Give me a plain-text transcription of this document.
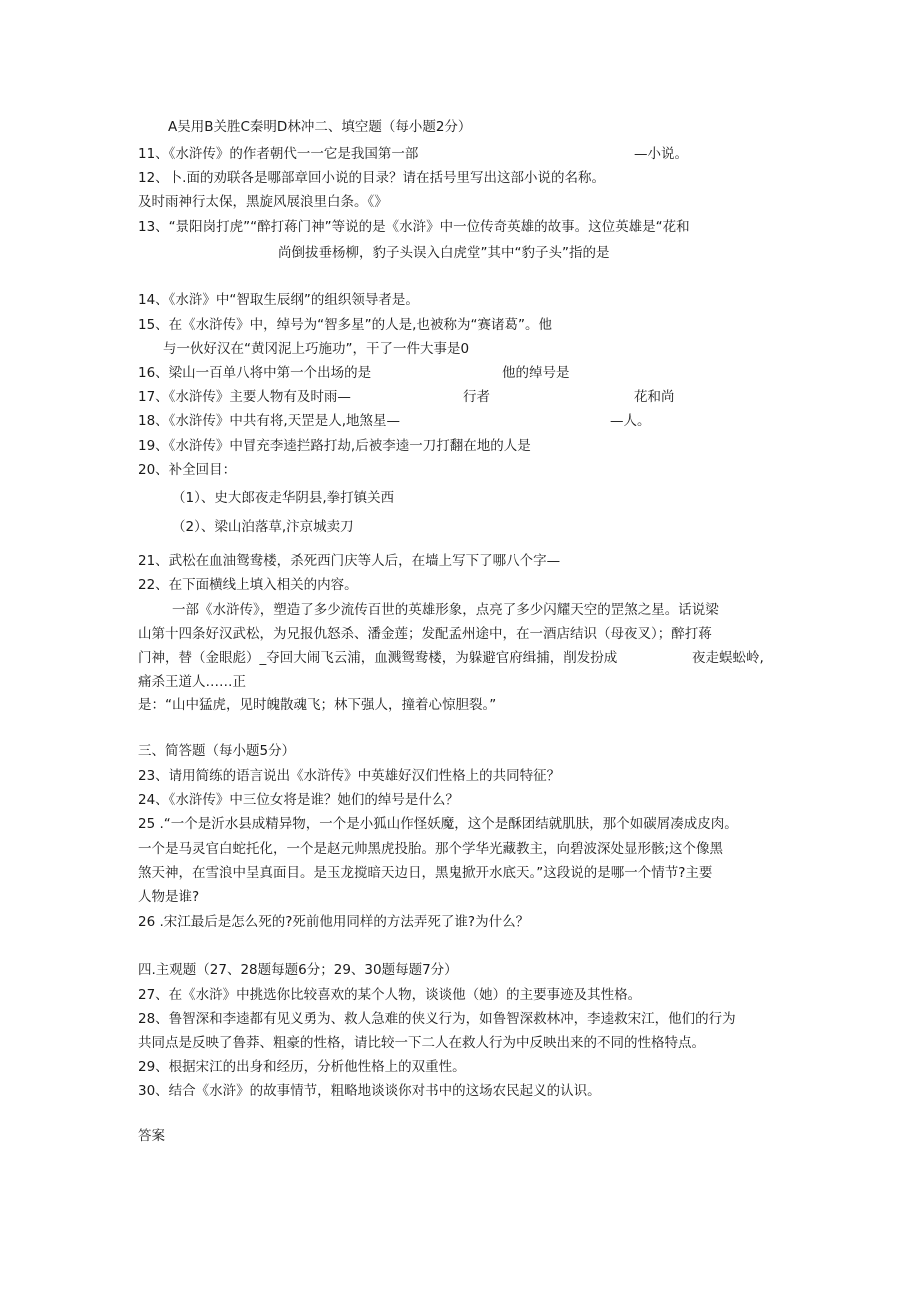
A吴用B关胜C秦明D林冲二、填空题（每小题2分）
11、《水浒传》的作者朝代一一它是我国第一部	—小说。
12、卜.面的劝联各是哪部章回小说的目录？请在括号里写出这部小说的名称。
及时雨神行太保，黑旋风展浪里白条。《》
13、“景阳岗打虎”“醉打蒋门神”等说的是《水浒》中一位传奇英雄的故事。这位英雄是“花和
尚倒拔垂杨柳，豹子头误入白虎堂”其中“豹子头”指的是
14、《水浒》中“智取生辰纲”的组织领导者是。
15、在《水浒传》中，绰号为“智多星”的人是,也被称为“赛诸葛”。他
与一伙好汉在“黄冈泥上巧施功”，干了一件大事是0
16、梁山一百单八将中第一个出场的是	他的绰号是
17、《水浒传》主要人物有及时雨—	行者	花和尚
18、《水浒传》中共有将,天罡是人,地煞星—	—人。
19、《水浒传》中冒充李逵拦路打劫,后被李逵一刀打翻在地的人是
20、补全回目：
（1）、史大郎夜走华阴县,拳打镇关西
（2）、梁山泊落草,汴京城卖刀
21、武松在血油鸳鸯楼，杀死西门庆等人后，在墙上写下了哪八个字—
22、在下面横线上填入相关的内容。
一部《水浒传》，塑造了多少流传百世的英雄形象，点亮了多少闪耀天空的罡煞之星。话说梁
山第十四条好汉武松，为兄报仇怒杀、潘金莲；发配孟州途中，在一酒店结识（母夜叉）；醉打蒋
门神，替（金眼彪）_夺回大闹飞云浦，血溅鸳鸯楼，为躲避官府缉捕，削发扮成	夜走蜈蚣岭,
痛杀王道人……正
是：“山中猛虎，见时魄散魂飞；林下强人，撞着心惊胆裂。”
三、简答题（每小题5分）
23、请用简练的语言说出《水浒传》中英雄好汉们性格上的共同特征？
24、《水浒传》中三位女将是谁？她们的绰号是什么？
25 .“一个是沂水县成精异物，一个是小狐山作怪妖魔，这个是酥团结就肌肤，那个如碳屑凑成皮肉。
一个是马灵官白蛇托化，一个是赵元帅黑虎投胎。那个学华光藏教主，向碧波深处显形骸;这个像黑
煞天神，在雪浪中呈真面目。是玉龙搅暗天边日，黑鬼掀开水底天。”这段说的是哪一个情节?主要
人物是谁?
26 .宋江最后是怎么死的?死前他用同样的方法弄死了谁?为什么？
四.主观题（27、28题每题6分；29、30题每题7分）
27、在《水浒》中挑选你比较喜欢的某个人物，谈谈他（她）的主要事迹及其性格。
28、鲁智深和李逵都有见义勇为、救人急难的侠义行为，如鲁智深救林冲，李逵救宋江，他们的行为
共同点是反映了鲁莽、粗豪的性格，请比较一下二人在救人行为中反映出来的不同的性格特点。
29、根据宋江的出身和经历，分析他性格上的双重性。
30、结合《水浒》的故事情节，粗略地谈谈你对书中的这场农民起义的认识。
答案
